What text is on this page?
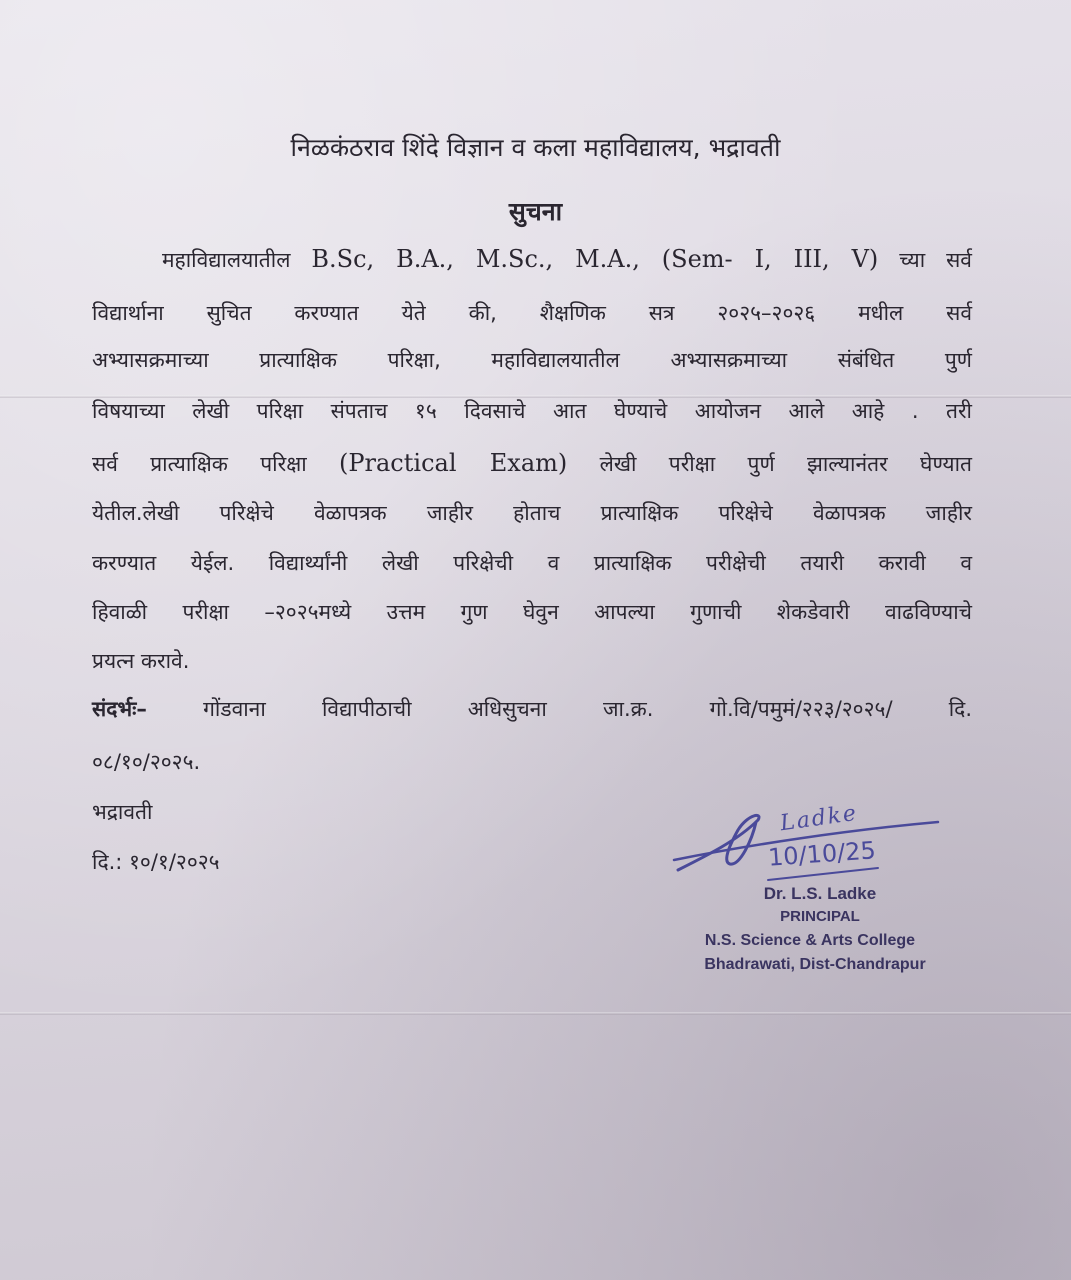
निळकंठराव शिंदे विज्ञान व कला महाविद्यालय, भद्रावती
सुचना
महाविद्यालयातील B.Sc, B.A., M.Sc., M.A., (Sem- I, III, V) च्या सर्व
विद्यार्थाना सुचित करण्यात येते की, शैक्षणिक सत्र २०२५–२०२६ मधील सर्व
अभ्यासक्रमाच्या प्रात्याक्षिक परिक्षा, महाविद्यालयातील अभ्यासक्रमाच्या संबंधित पुर्ण
विषयाच्या लेखी परिक्षा संपताच १५ दिवसाचे आत घेण्याचे आयोजन आले आहे . तरी
सर्व प्रात्याक्षिक परिक्षा (Practical Exam) लेखी परीक्षा पुर्ण झाल्यानंतर घेण्यात
येतील.लेखी परिक्षेचे वेळापत्रक जाहीर होताच प्रात्याक्षिक परिक्षेचे वेळापत्रक जाहीर
करण्यात येईल. विद्यार्थ्यांनी लेखी परिक्षेची व प्रात्याक्षिक परीक्षेची तयारी करावी व
हिवाळी परीक्षा –२०२५मध्ये उत्तम गुण घेवुन आपल्या गुणाची शेकडेवारी वाढविण्याचे
प्रयत्न करावे.
संदर्भः– गोंडवाना विद्यापीठाची अधिसुचना जा.क्र. गो.वि/पमुमं/२२३/२०२५/ दि.
०८/१०/२०२५.
भद्रावती
दि.: १०/१/२०२५
Ladke
10/10/25
Dr. L.S. Ladke
PRINCIPAL
N.S. Science & Arts College
Bhadrawati, Dist-Chandrapur
